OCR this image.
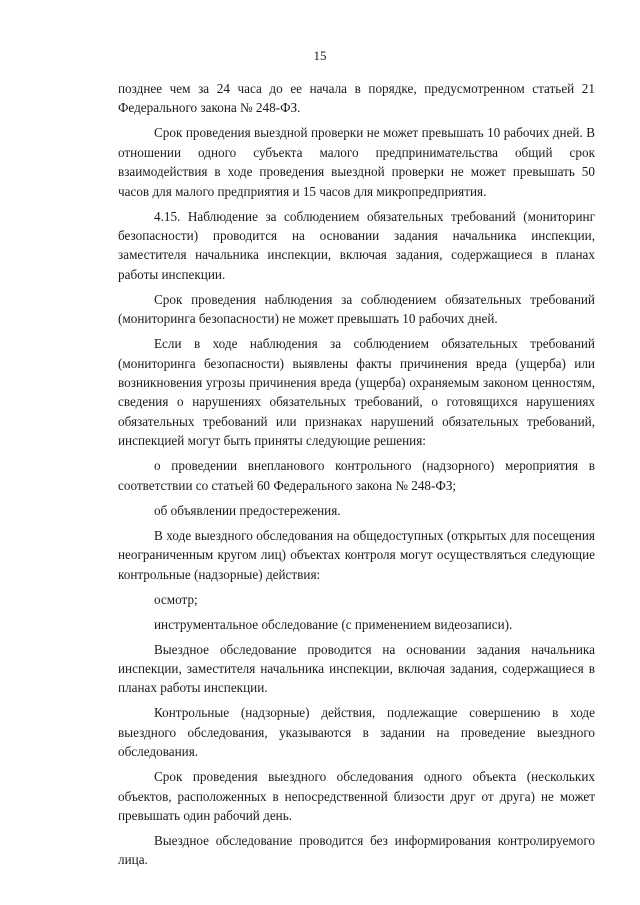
15

позднее чем за 24 часа до ее начала в порядке, предусмотренном статьей 21 Федерального закона № 248-ФЗ.

Срок проведения выездной проверки не может превышать 10 рабочих дней. В отношении одного субъекта малого предпринимательства общий срок взаимодействия в ходе проведения выездной проверки не может превышать 50 часов для малого предприятия и 15 часов для микропредприятия.

4.15. Наблюдение за соблюдением обязательных требований (мониторинг безопасности) проводится на основании задания начальника инспекции, заместителя начальника инспекции, включая задания, содержащиеся в планах работы инспекции.

Срок проведения наблюдения за соблюдением обязательных требований (мониторинга безопасности) не может превышать 10 рабочих дней.

Если в ходе наблюдения за соблюдением обязательных требований (мониторинга безопасности) выявлены факты причинения вреда (ущерба) или возникновения угрозы причинения вреда (ущерба) охраняемым законом ценностям, сведения о нарушениях обязательных требований, о готовящихся нарушениях обязательных требований или признаках нарушений обязательных требований, инспекцией могут быть приняты следующие решения:

о проведении внепланового контрольного (надзорного) мероприятия в соответствии со статьей 60 Федерального закона № 248-ФЗ;

об объявлении предостережения.

В ходе выездного обследования на общедоступных (открытых для посещения неограниченным кругом лиц) объектах контроля могут осуществляться следующие контрольные (надзорные) действия:

осмотр;

инструментальное обследование (с применением видеозаписи).

Выездное обследование проводится на основании задания начальника инспекции, заместителя начальника инспекции, включая задания, содержащиеся в планах работы инспекции.

Контрольные (надзорные) действия, подлежащие совершению в ходе выездного обследования, указываются в задании на проведение выездного обследования.

Срок проведения выездного обследования одного объекта (нескольких объектов, расположенных в непосредственной близости друг от друга) не может превышать один рабочий день.

Выездное обследование проводится без информирования контролируемого лица.
